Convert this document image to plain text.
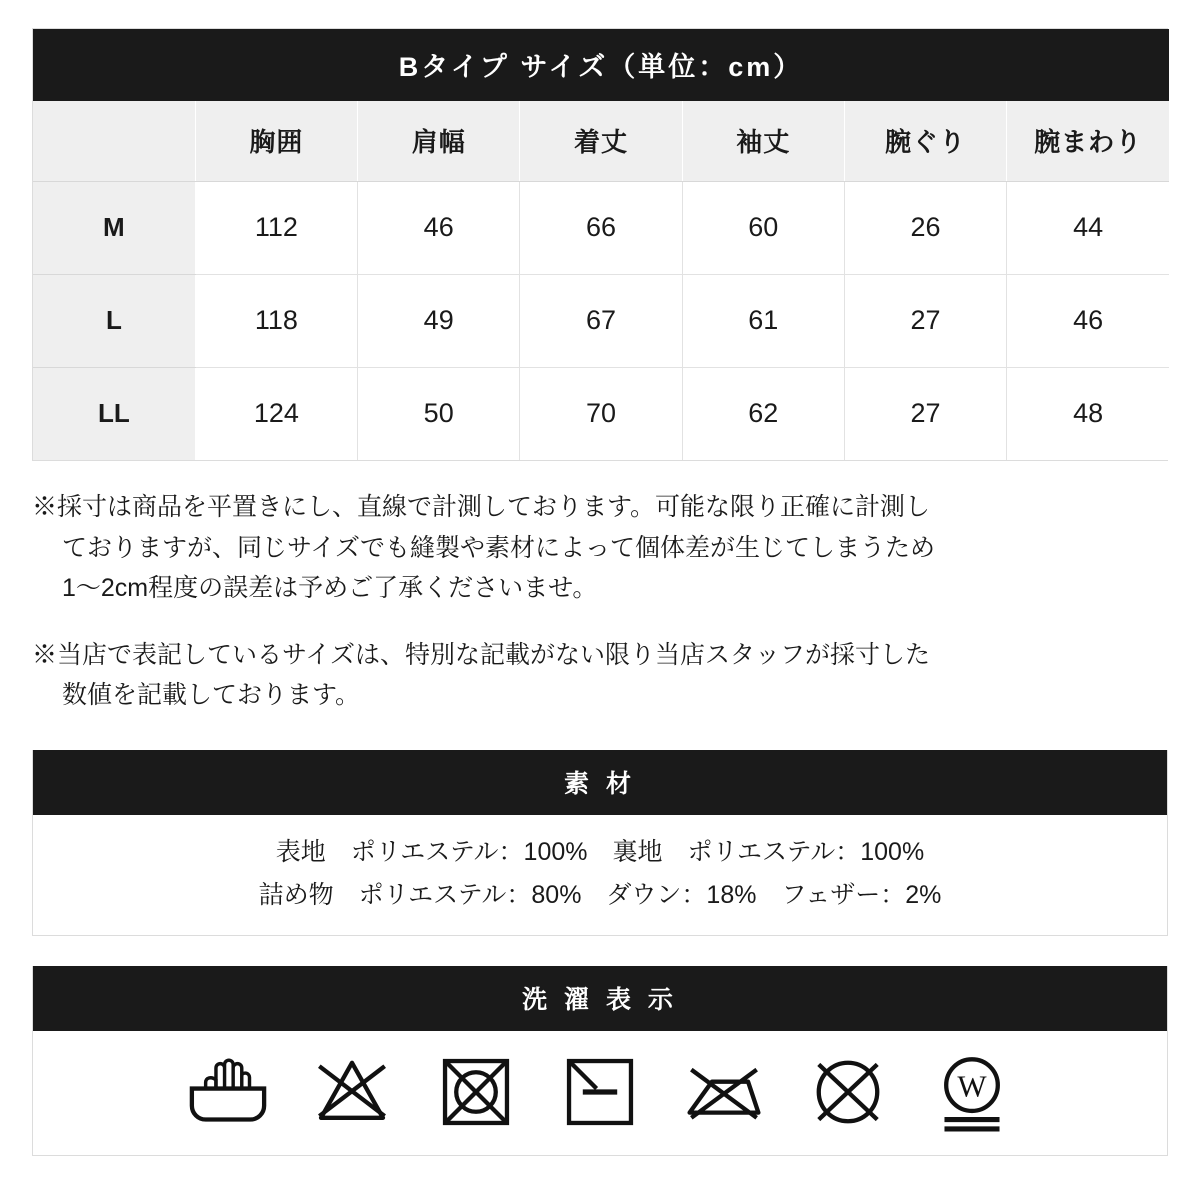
Bタイプ サイズ（単位：cm）						
	胸囲	肩幅	着丈	袖丈	腕ぐり	腕まわり
M	112	46	66	60	26	44
L	118	49	67	61	27	46
LL	124	50	70	62	27	48
※採寸は商品を平置きにし、直線で計測しております。可能な限り正確に計測し
ておりますが、同じサイズでも縫製や素材によって個体差が生じてしまうため
1〜2cm程度の誤差は予めご了承くださいませ。
※当店で表記しているサイズは、特別な記載がない限り当店スタッフが採寸した
数値を記載しております。
素 材
表地　ポリエステル：100%　裏地　ポリエステル：100%
詰め物　ポリエステル：80%　ダウン：18%　フェザー：2%
洗 濯 表 示
W
